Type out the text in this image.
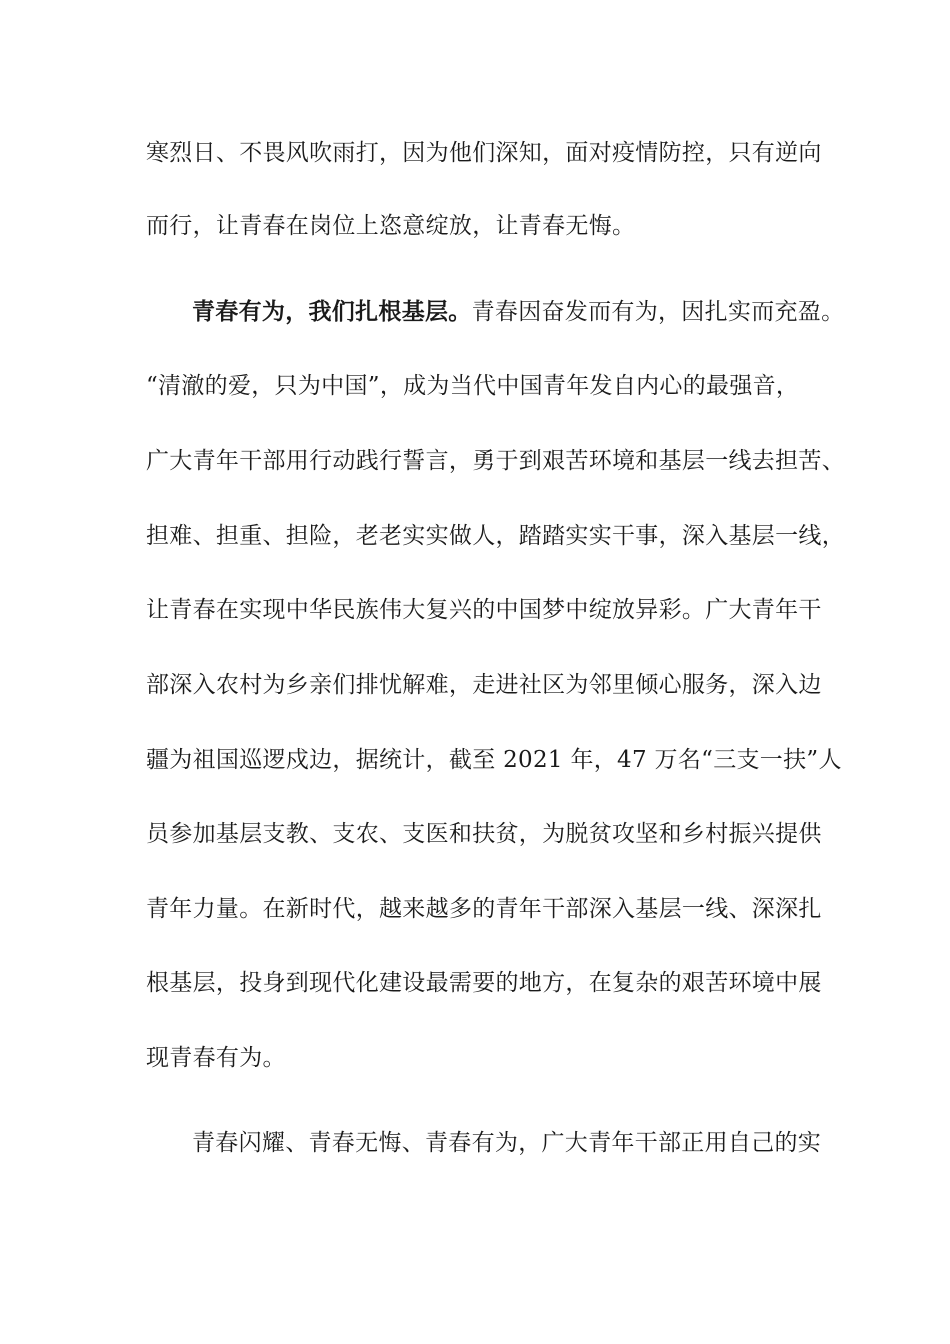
寒烈日、不畏风吹雨打，因为他们深知，面对疫情防控，只有逆向
而行，让青春在岗位上恣意绽放，让青春无悔。
青春有为，我们扎根基层。青春因奋发而有为，因扎实而充盈。
“清澈的爱，只为中国”，成为当代中国青年发自内心的最强音，
广大青年干部用行动践行誓言，勇于到艰苦环境和基层一线去担苦、
担难、担重、担险，老老实实做人，踏踏实实干事，深入基层一线，
让青春在实现中华民族伟大复兴的中国梦中绽放异彩。广大青年干
部深入农村为乡亲们排忧解难，走进社区为邻里倾心服务，深入边
疆为祖国巡逻戍边，据统计，截至 2021 年，47 万名“三支一扶”人
员参加基层支教、支农、支医和扶贫，为脱贫攻坚和乡村振兴提供
青年力量。在新时代，越来越多的青年干部深入基层一线、深深扎
根基层，投身到现代化建设最需要的地方，在复杂的艰苦环境中展
现青春有为。
青春闪耀、青春无悔、青春有为，广大青年干部正用自己的实
